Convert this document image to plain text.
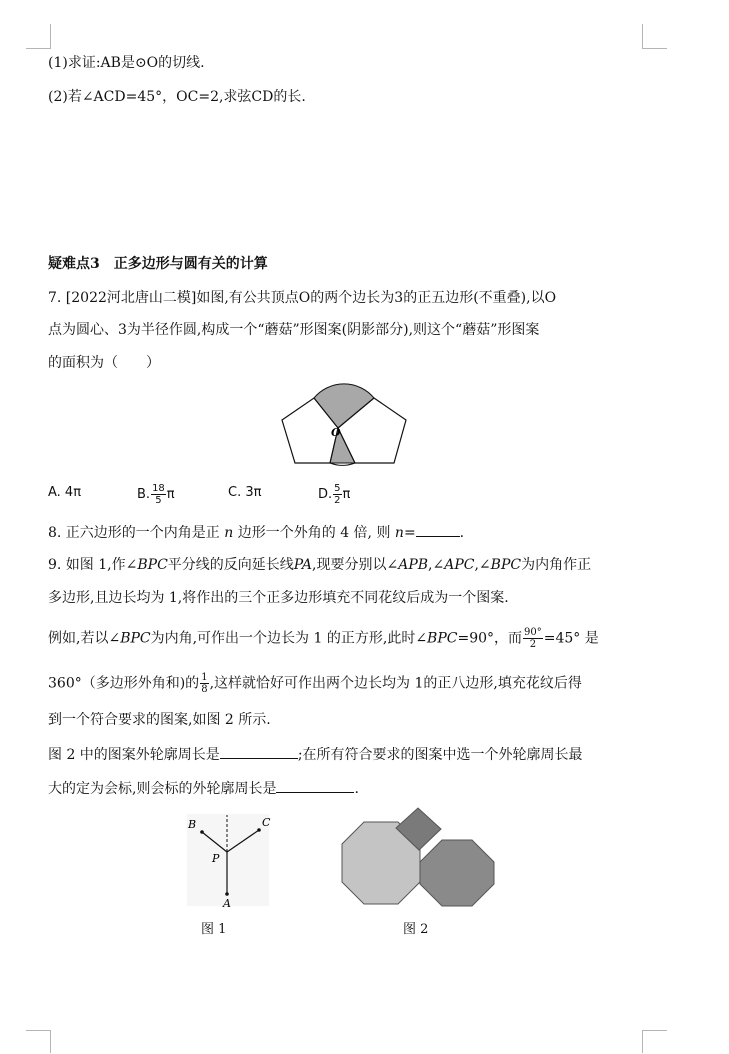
(1)求证:AB是⊙O的切线.
(2)若∠ACD=45°，OC=2,求弦CD的长.
疑难点3　正多边形与圆有关的计算
7. [2022河北唐山二模]如图,有公共顶点O的两个边长为3的正五边形(不重叠),以O
点为圆心、3为半径作圆,构成一个“蘑菇”形图案(阴影部分),则这个“蘑菇”形图案
的面积为（　　）
O
A. 4π	B. $\frac{18}{5}$ π	C. 3π	D. $\frac{5}{2}$ π
8. 正六边形的一个内角是正 n 边形一个外角的 4 倍, 则 n=	.
9. 如图 1,作∠BPC平分线的反向延长线PA,现要分别以∠APB,∠APC,∠BPC为内角作正
多边形,且边长均为 1,将作出的三个正多边形填充不同花纹后成为一个图案.
例如,若以∠BPC为内角,可作出一个边长为 1 的正方形,此时∠BPC=90°，而 $\frac{90^\circ}{2} =45^\circ$ 是
360°（多边形外角和)的 $\frac{1}{8}$ ,这样就恰好可作出两个边长均为 1的正八边形,填充花纹后得
到一个符合要求的图案,如图 2 所示.
图 2 中的图案外轮廓周长是	;在所有符合要求的图案中选一个外轮廓周长最
大的定为会标,则会标的外轮廓周长是	.
B	C
P
A
图 1	图 2
